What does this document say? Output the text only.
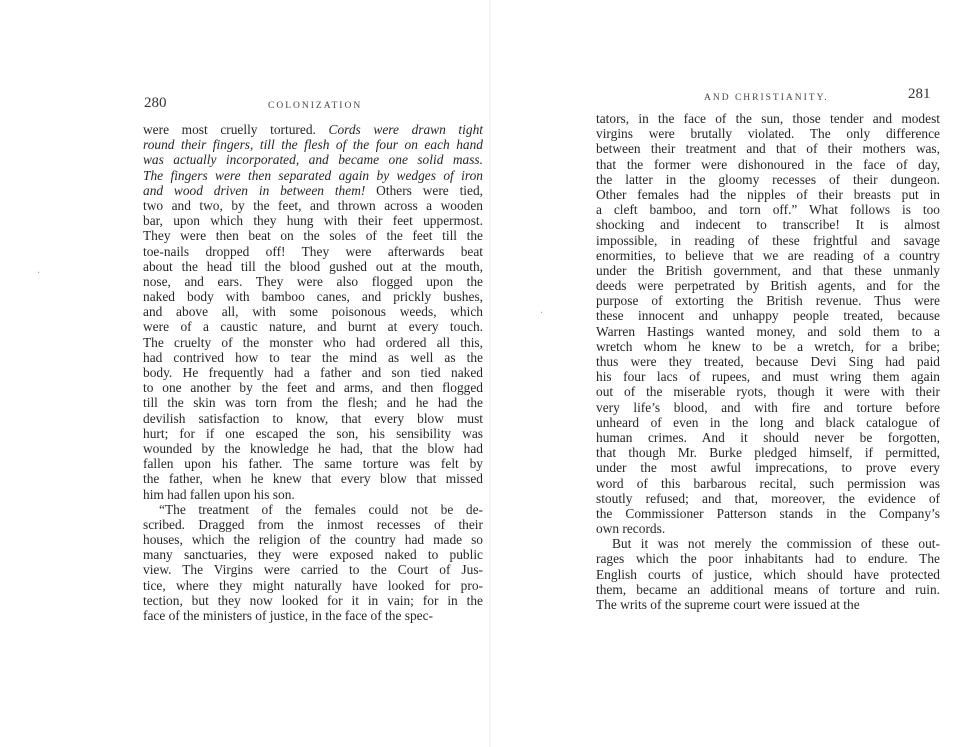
280	COLONIZATION
were most cruelly tortured. Cords were drawn tight
round their fingers, till the flesh of the four on each hand
was actually incorporated, and became one solid mass.
The fingers were then separated again by wedges of iron
and wood driven in between them! Others were tied,
two and two, by the feet, and thrown across a wooden
bar, upon which they hung with their feet uppermost.
They were then beat on the soles of the feet till the
toe-nails dropped off! They were afterwards beat
about the head till the blood gushed out at the mouth,
nose, and ears. They were also flogged upon the
naked body with bamboo canes, and prickly bushes,
and above all, with some poisonous weeds, which
were of a caustic nature, and burnt at every touch.
The cruelty of the monster who had ordered all this,
had contrived how to tear the mind as well as the
body. He frequently had a father and son tied naked
to one another by the feet and arms, and then flogged
till the skin was torn from the flesh; and he had the
devilish satisfaction to know, that every blow must
hurt; for if one escaped the son, his sensibility was
wounded by the knowledge he had, that the blow had
fallen upon his father. The same torture was felt by
the father, when he knew that every blow that missed
him had fallen upon his son.
“The treatment of the females could not be de-
scribed. Dragged from the inmost recesses of their
houses, which the religion of the country had made so
many sanctuaries, they were exposed naked to public
view. The Virgins were carried to the Court of Jus-
tice, where they might naturally have looked for pro-
tection, but they now looked for it in vain; for in the
face of the ministers of justice, in the face of the spec-
AND CHRISTIANITY.	281
tators, in the face of the sun, those tender and modest
virgins were brutally violated. The only difference
between their treatment and that of their mothers was,
that the former were dishonoured in the face of day,
the latter in the gloomy recesses of their dungeon.
Other females had the nipples of their breasts put in
a cleft bamboo, and torn off.” What follows is too
shocking and indecent to transcribe! It is almost
impossible, in reading of these frightful and savage
enormities, to believe that we are reading of a country
under the British government, and that these unmanly
deeds were perpetrated by British agents, and for the
purpose of extorting the British revenue. Thus were
these innocent and unhappy people treated, because
Warren Hastings wanted money, and sold them to a
wretch whom he knew to be a wretch, for a bribe;
thus were they treated, because Devi Sing had paid
his four lacs of rupees, and must wring them again
out of the miserable ryots, though it were with their
very life’s blood, and with fire and torture before
unheard of even in the long and black catalogue of
human crimes. And it should never be forgotten,
that though Mr. Burke pledged himself, if permitted,
under the most awful imprecations, to prove every
word of this barbarous recital, such permission was
stoutly refused; and that, moreover, the evidence of
the Commissioner Patterson stands in the Company’s
own records.
But it was not merely the commission of these out-
rages which the poor inhabitants had to endure. The
English courts of justice, which should have protected
them, became an additional means of torture and ruin.
The writs of the supreme court were issued at the
·
·
